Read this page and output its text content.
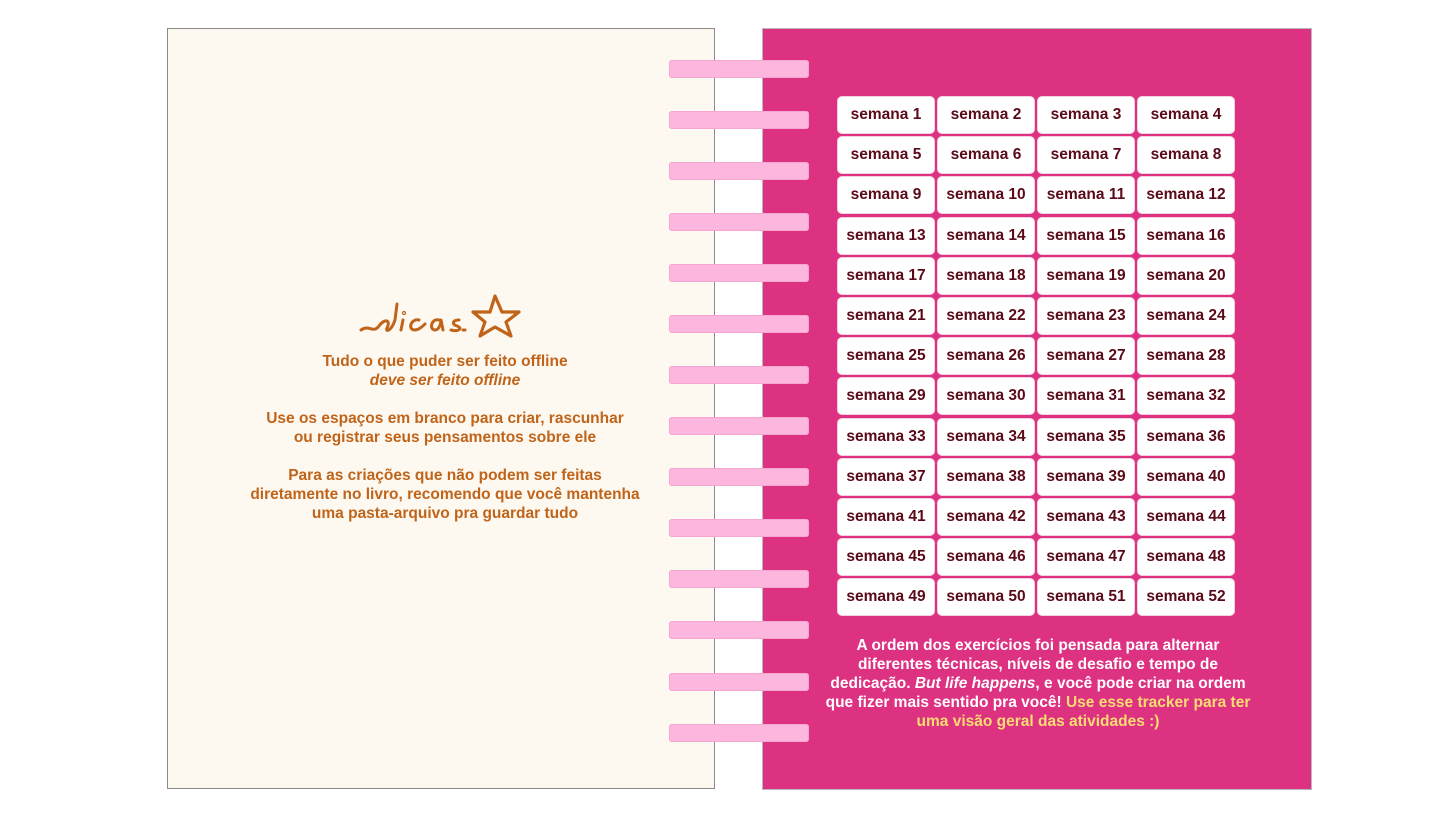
Tudo o que puder ser feito offline
deve ser feito offline

Use os espaços em branco para criar, rascunhar
ou registrar seus pensamentos sobre ele

Para as criações que não podem ser feitas
diretamente no livro, recomendo que você mantenha
uma pasta-arquivo pra guardar tudo

semana 1	semana 2	semana 3	semana 4
semana 5	semana 6	semana 7	semana 8
semana 9	semana 10	semana 11	semana 12
semana 13	semana 14	semana 15	semana 16
semana 17	semana 18	semana 19	semana 20
semana 21	semana 22	semana 23	semana 24
semana 25	semana 26	semana 27	semana 28
semana 29	semana 30	semana 31	semana 32
semana 33	semana 34	semana 35	semana 36
semana 37	semana 38	semana 39	semana 40
semana 41	semana 42	semana 43	semana 44
semana 45	semana 46	semana 47	semana 48
semana 49	semana 50	semana 51	semana 52
A ordem dos exercícios foi pensada para alternar
diferentes técnicas, níveis de desafio e tempo de
dedicação. But life happens, e você pode criar na ordem
que fizer mais sentido pra você! Use esse tracker para ter
uma visão geral das atividades :)
